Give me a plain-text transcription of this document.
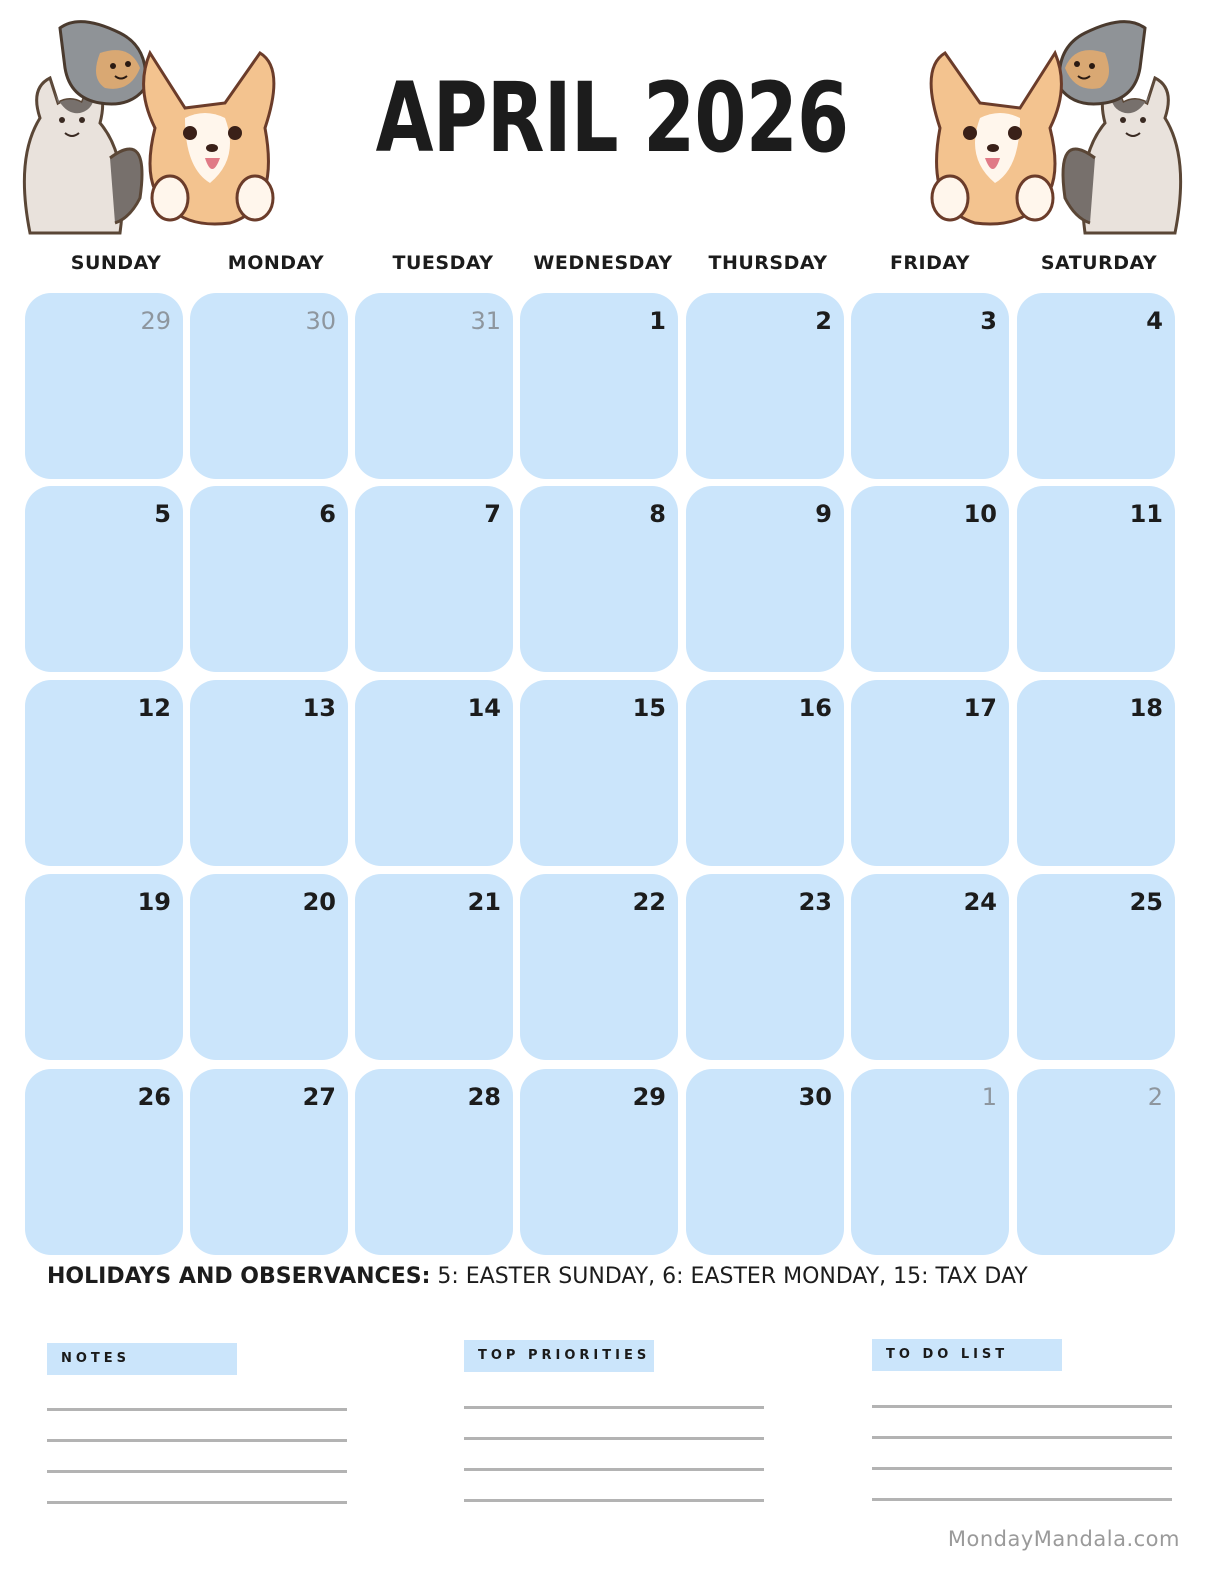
APRIL 2026
SUNDAY	MONDAY	TUESDAY	WEDNESDAY	THURSDAY	FRIDAY	SATURDAY
29	30	31	1	2	3	4
5	6	7	8	9	10	11
12	13	14	15	16	17	18
19	20	21	22	23	24	25
26	27	28	29	30	1	2
HOLIDAYS AND OBSERVANCES: 5: EASTER SUNDAY, 6: EASTER MONDAY, 15: TAX DAY
NOTES	TOP PRIORITIES	TO DO LIST
MondayMandala.com
